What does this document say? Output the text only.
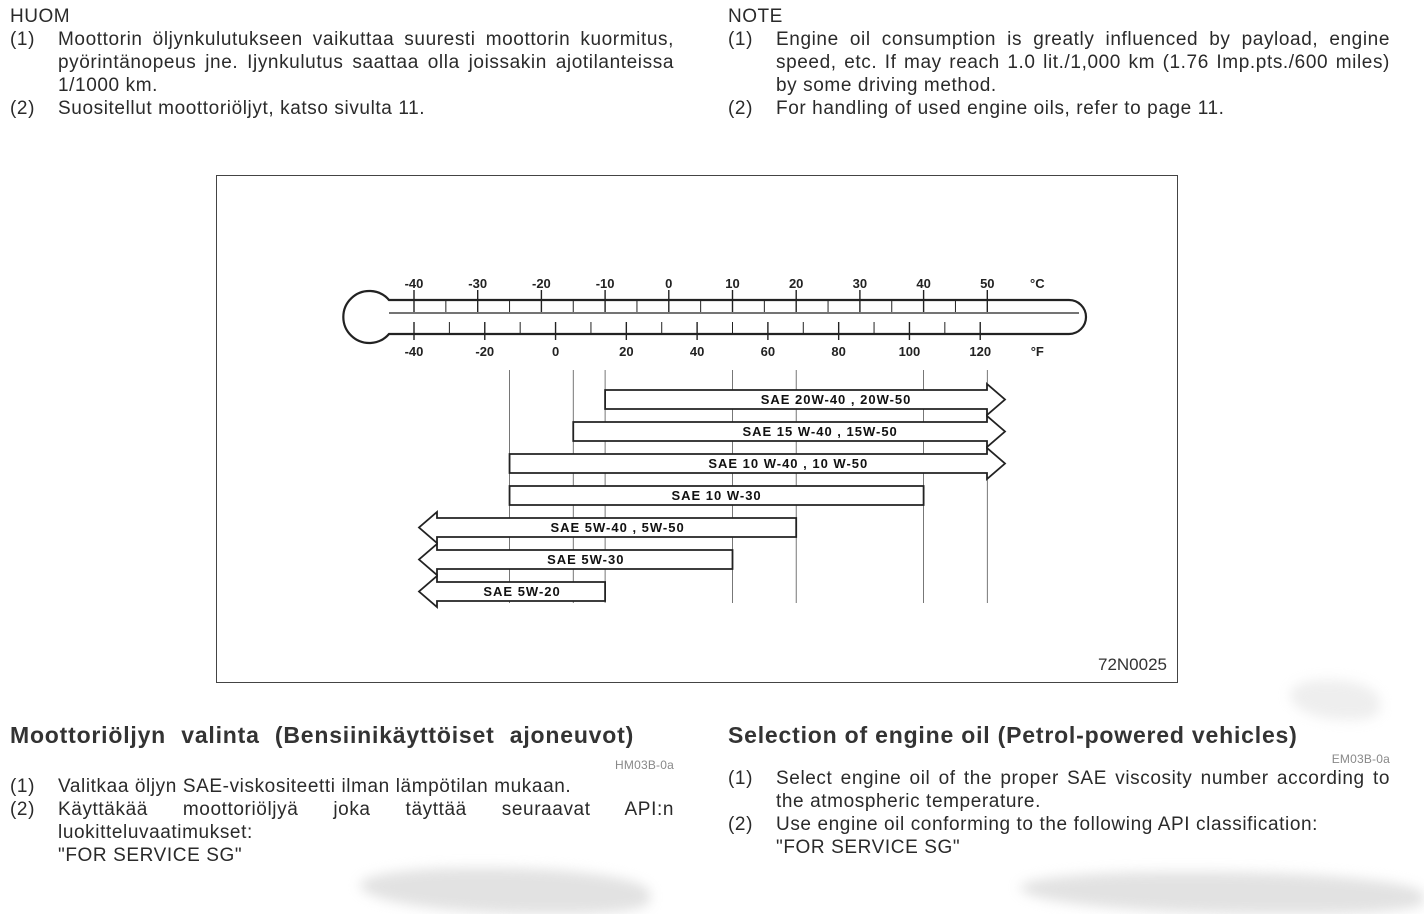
HUOM

(1)	Moottorin öljynkulutukseen vaikuttaa suuresti moottorin kuormitus, pyörintänopeus jne. Ijynkulutus saattaa olla joissakin ajotilanteissa 1/1000 km.
(2)	Suositellut moottoriöljyt, katso sivulta 11.

NOTE

(1)	Engine oil consumption is greatly influenced by payload, engine speed, etc. If may reach 1.0 lit./1,000 km (1.76 Imp.pts./600 miles) by some driving method.
(2)	For handling of used engine oils, refer to page 11.
-40	-30	-20	-10	0	10	20	30	40	50	°C
-40	-20	0	20	40	60	80	100	120	°F
SAE 20W-40 , 20W-50
SAE 15 W-40 , 15W-50
SAE 10 W-40 , 10 W-50
SAE 10 W-30
SAE 5W-40 , 5W-50
SAE 5W-30
SAE 5W-20
72N0025

Moottoriöljyn valinta (Bensiinikäyttöiset ajoneuvot)

HM03B-0a
(1)	Valitkaa öljyn SAE-viskositeetti ilman lämpötilan mukaan.
(2)	Käyttäkää moottoriöljyä joka täyttää seuraavat API:n luokitteluvaatimukset:
"FOR SERVICE SG"

Selection of engine oil (Petrol-powered vehicles)

EM03B-0a
(1)	Select engine oil of the proper SAE viscosity number according to the atmospheric temperature.
(2)	Use engine oil conforming to the following API classification:
"FOR SERVICE SG"
